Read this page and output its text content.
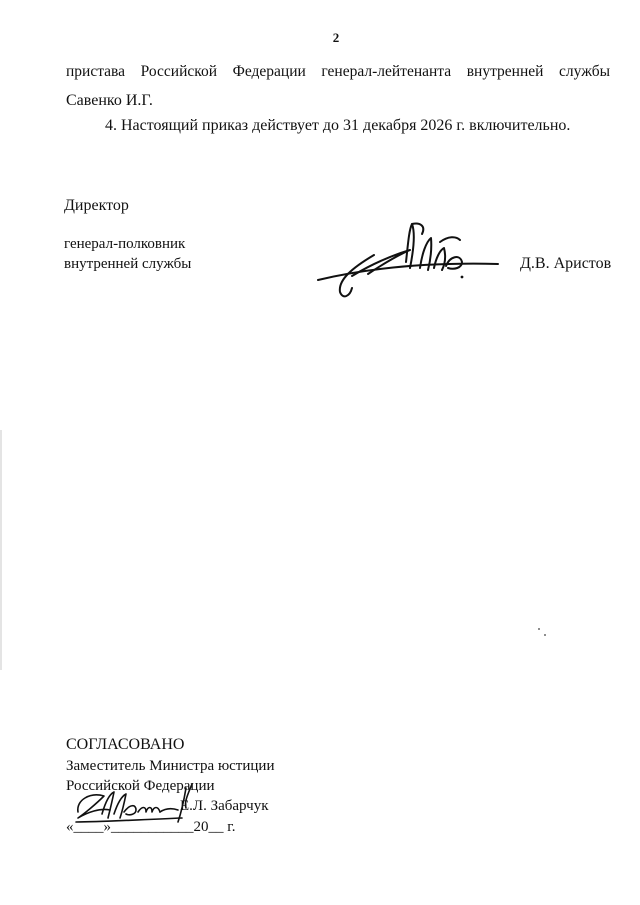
2
пристава Российской Федерации генерал-лейтенанта внутренней службы
Савенко И.Г.
4. Настоящий приказ действует до 31 декабря 2026 г. включительно.
Директор
генерал-полковник
внутренней службы	Д.В. Аристов
СОГЛАСОВАНО
Заместитель Министра юстиции
Российской Федерации
Е.Л. Забарчук
«____»___________20__ г.
